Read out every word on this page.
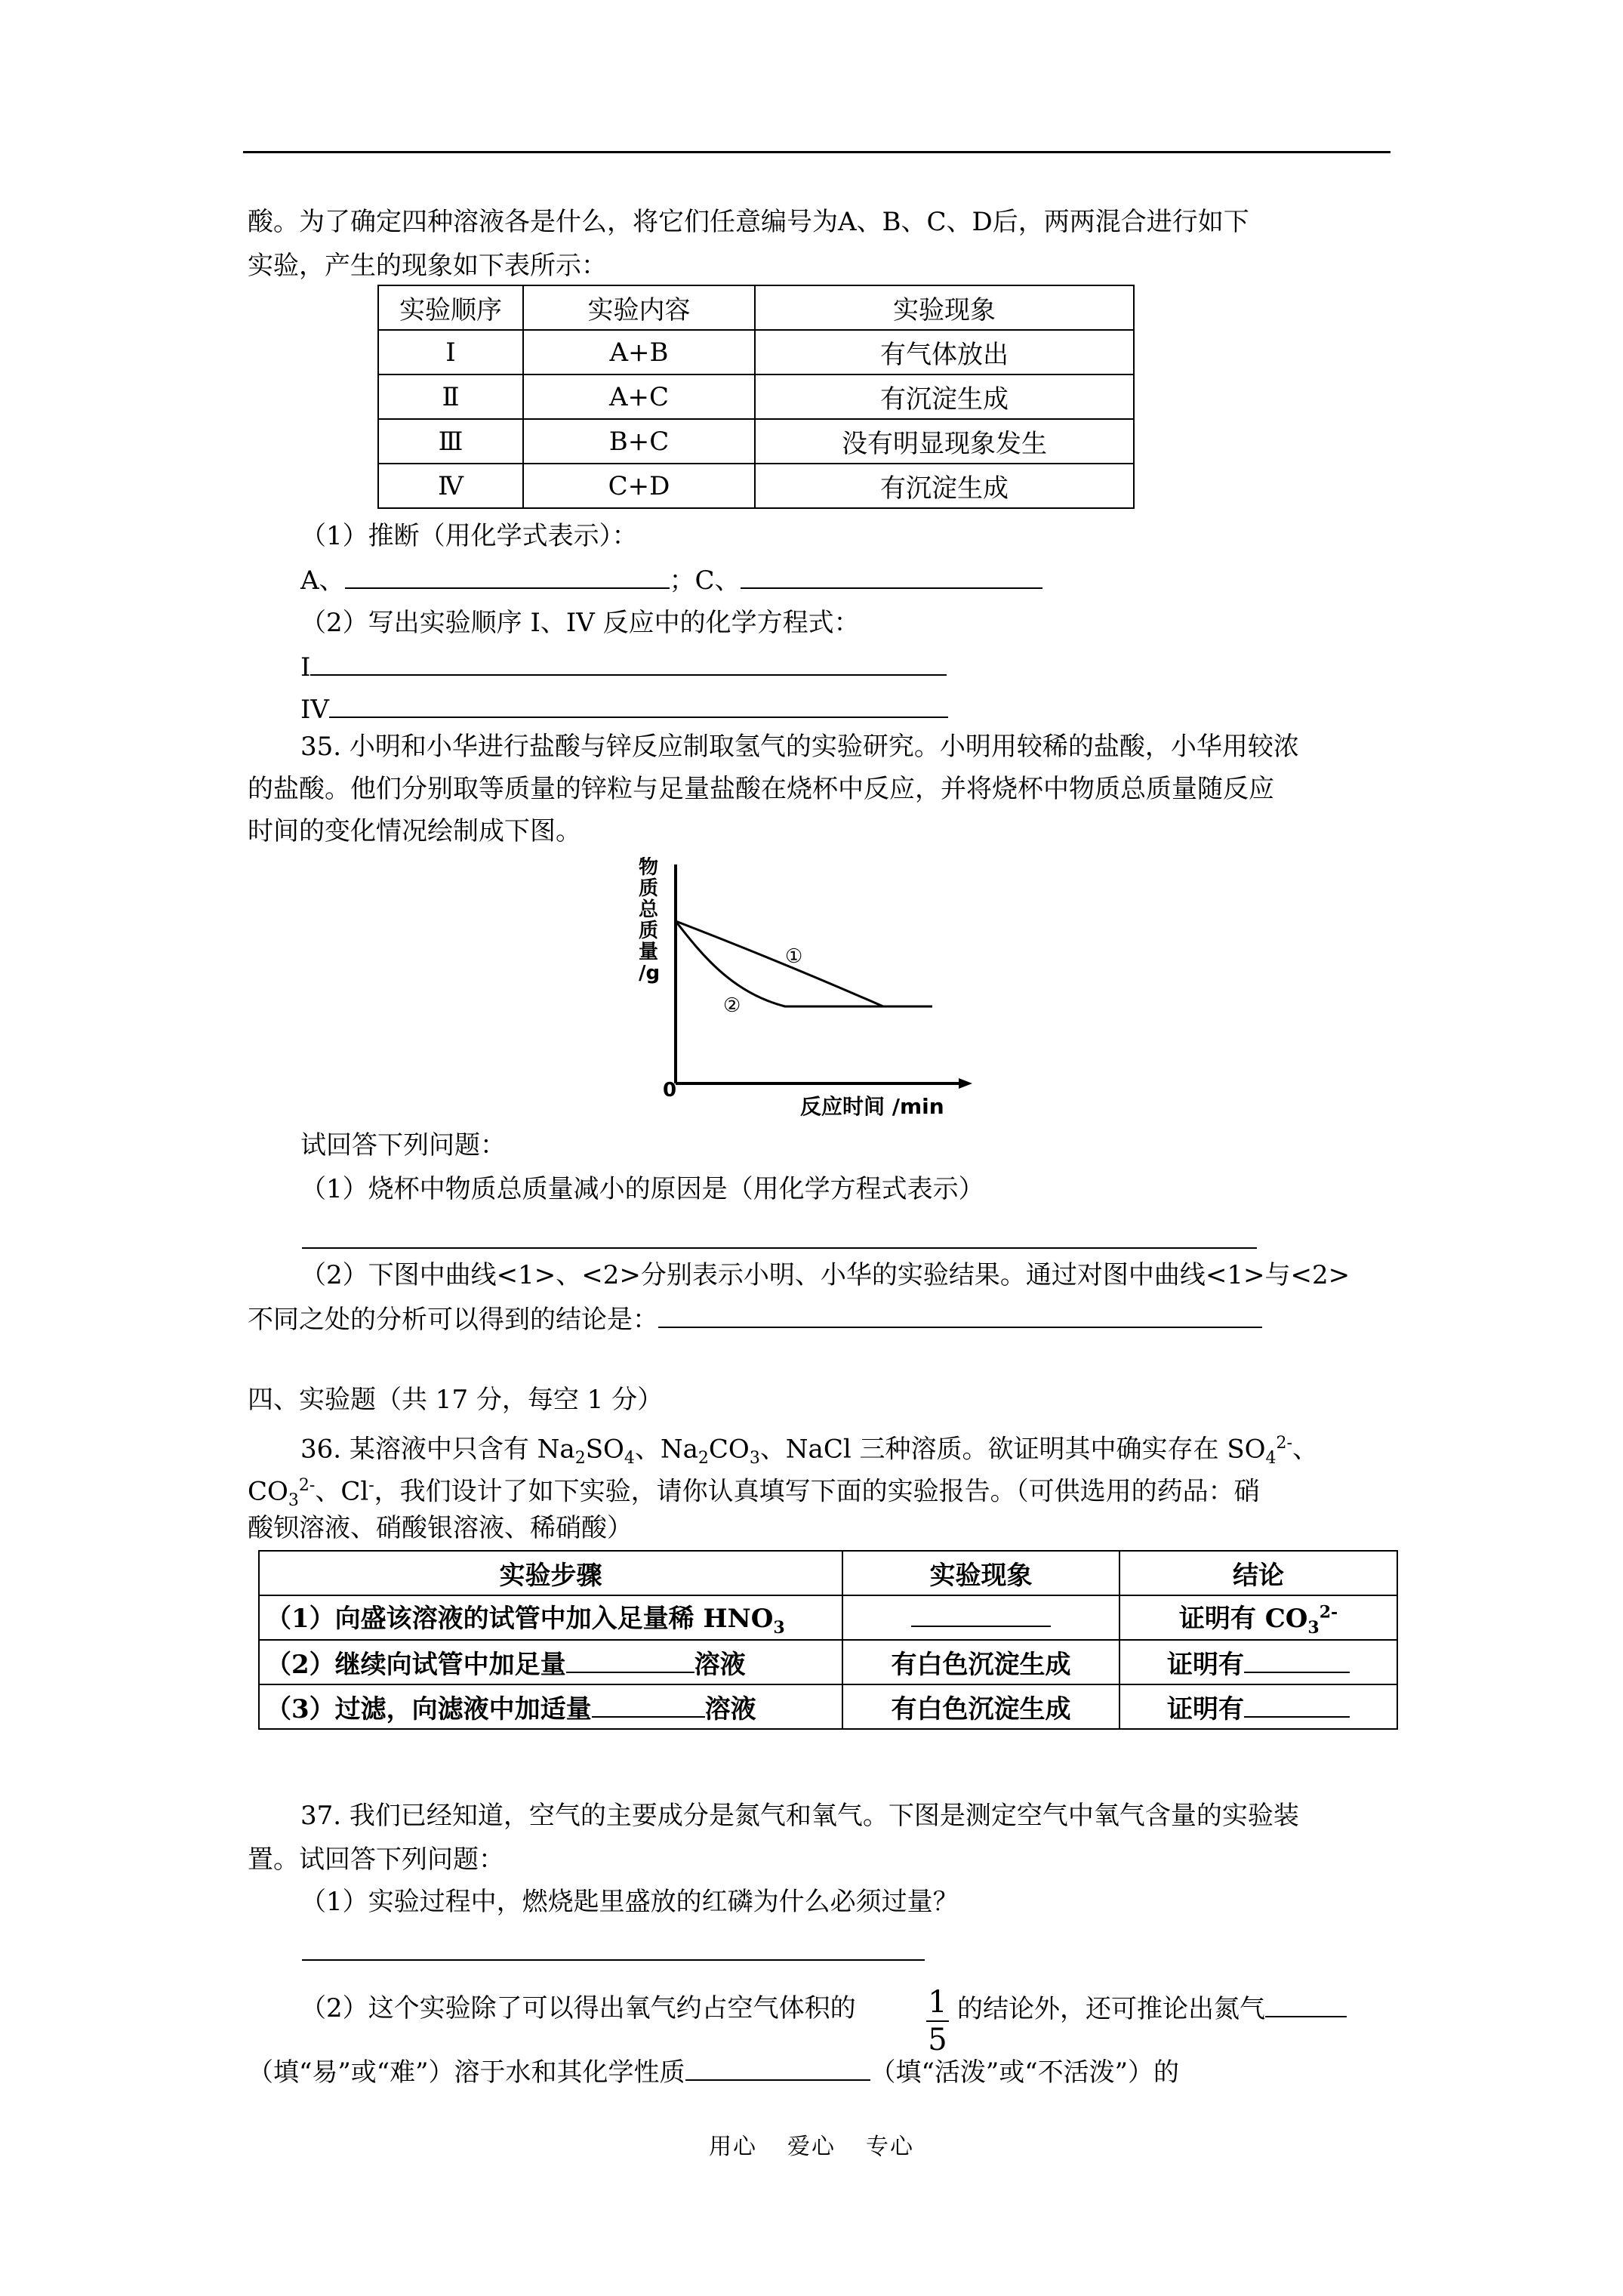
酸。为了确定四种溶液各是什么，将它们任意编号为A、B、C、D后，两两混合进行如下
实验，产生的现象如下表所示：
实验顺序	实验内容	实验现象
I	A+B	有气体放出
Ⅱ	A+C	有沉淀生成
Ⅲ	B+C	没有明显现象发生
Ⅳ	C+D	有沉淀生成
（1）推断（用化学式表示）：
A、	；C、
（2）写出实验顺序 I、IV 反应中的化学方程式：
I
IV
35. 小明和小华进行盐酸与锌反应制取氢气的实验研究。小明用较稀的盐酸，小华用较浓
的盐酸。他们分别取等质量的锌粒与足量盐酸在烧杯中反应，并将烧杯中物质总质量随反应
时间的变化情况绘制成下图。
①
②
0
反应时间 /min
物
质
总
质
量
/g
试回答下列问题：
（1）烧杯中物质总质量减小的原因是（用化学方程式表示）
（2）下图中曲线<1>、<2>分别表示小明、小华的实验结果。通过对图中曲线<1>与<2>
不同之处的分析可以得到的结论是：
四、实验题（共 17 分，每空 1 分）
36. 某溶液中只含有 $Na_2SO_4$、$Na_2CO_3$、NaCl 三种溶质。欲证明其中确实存在 $SO_4^{2-}$、
$CO_3^{2-}$、Cl-，我们设计了如下实验，请你认真填写下面的实验报告。（可供选用的药品：硝
酸钡溶液、硝酸银溶液、稀硝酸）
实验步骤	实验现象	结论
（1）向盛该溶液的试管中加入足量稀 $HNO_3$		证明有 $CO_3^{2-}$
（2）继续向试管中加足量 溶液	有白色沉淀生成	证明有
（3）过滤，向滤液中加适量 溶液	有白色沉淀生成	证明有
37. 我们已经知道，空气的主要成分是氮气和氧气。下图是测定空气中氧气含量的实验装
置。试回答下列问题：
（1）实验过程中，燃烧匙里盛放的红磷为什么必须过量？
（2）这个实验除了可以得出氧气约占空气体积的 1
5
的结论外，还可推论出氮气
（填“易”或“难”）溶于水和其化学性质	（填“活泼”或“不活泼”）的
用心 爱心 专心
